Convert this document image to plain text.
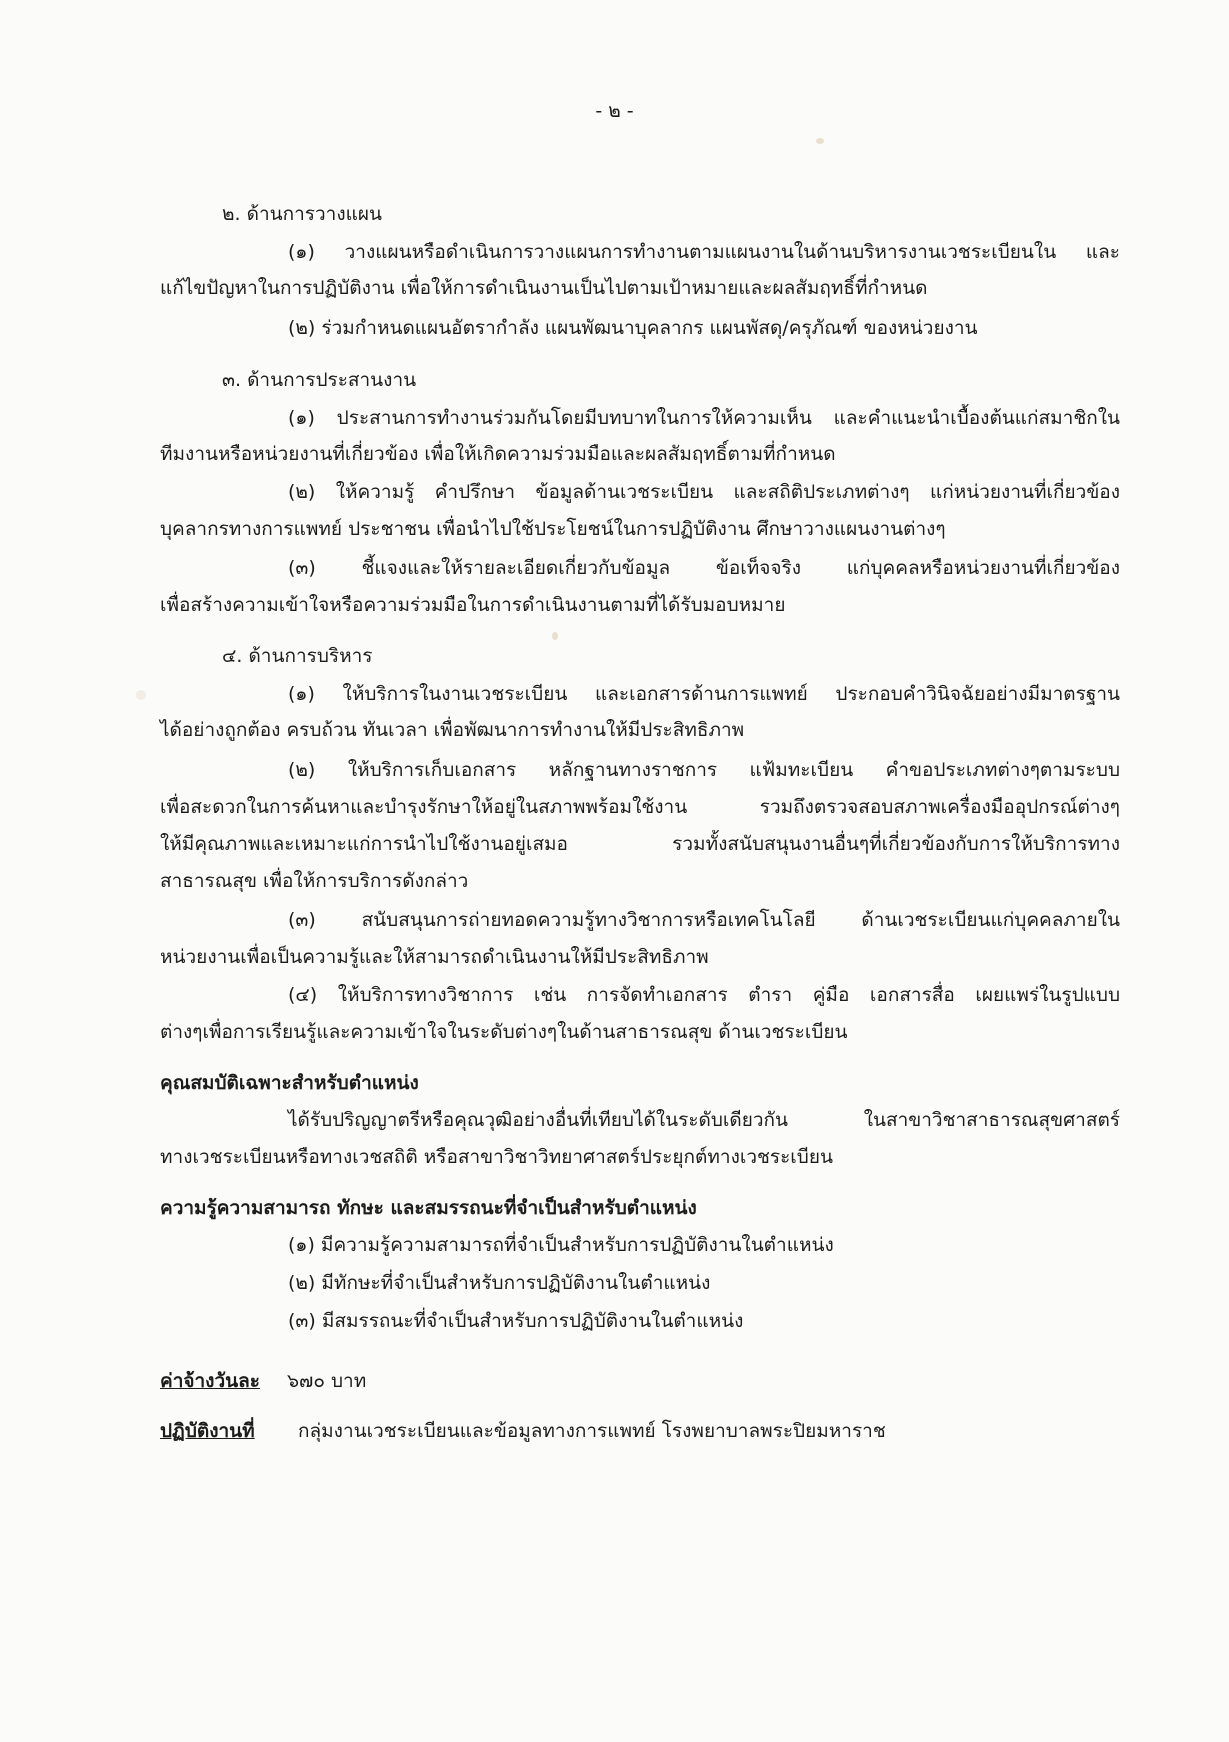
- ๒ -
๒. ด้านการวางแผน
(๑) วางแผนหรือดำเนินการวางแผนการทำงานตามแผนงานในด้านบริหารงานเวชระเบียนใน และ
แก้ไขปัญหาในการปฏิบัติงาน เพื่อให้การดำเนินงานเป็นไปตามเป้าหมายและผลสัมฤทธิ์ที่กำหนด
(๒) ร่วมกำหนดแผนอัตรากำลัง แผนพัฒนาบุคลากร แผนพัสดุ/ครุภัณฑ์ ของหน่วยงาน
๓. ด้านการประสานงาน
(๑) ประสานการทำงานร่วมกันโดยมีบทบาทในการให้ความเห็น และคำแนะนำเบื้องต้นแก่สมาชิกใน
ทีมงานหรือหน่วยงานที่เกี่ยวข้อง เพื่อให้เกิดความร่วมมือและผลสัมฤทธิ์ตามที่กำหนด
(๒) ให้ความรู้ คำปรึกษา ข้อมูลด้านเวชระเบียน และสถิติประเภทต่างๆ แก่หน่วยงานที่เกี่ยวข้อง
บุคลากรทางการแพทย์ ประชาชน เพื่อนำไปใช้ประโยชน์ในการปฏิบัติงาน ศึกษาวางแผนงานต่างๆ
(๓) ชี้แจงและให้รายละเอียดเกี่ยวกับข้อมูล ข้อเท็จจริง แก่บุคคลหรือหน่วยงานที่เกี่ยวข้อง
เพื่อสร้างความเข้าใจหรือความร่วมมือในการดำเนินงานตามที่ได้รับมอบหมาย
๔. ด้านการบริหาร
(๑) ให้บริการในงานเวชระเบียน และเอกสารด้านการแพทย์ ประกอบคำวินิจฉัยอย่างมีมาตรฐาน
ได้อย่างถูกต้อง ครบถ้วน ทันเวลา เพื่อพัฒนาการทำงานให้มีประสิทธิภาพ
(๒) ให้บริการเก็บเอกสาร หลักฐานทางราชการ แฟ้มทะเบียน คำขอประเภทต่างๆตามระบบ
เพื่อสะดวกในการค้นหาและบำรุงรักษาให้อยู่ในสภาพพร้อมใช้งาน รวมถึงตรวจสอบสภาพเครื่องมืออุปกรณ์ต่างๆ
ให้มีคุณภาพและเหมาะแก่การนำไปใช้งานอยู่เสมอ รวมทั้งสนับสนุนงานอื่นๆที่เกี่ยวข้องกับการให้บริการทาง
สาธารณสุข เพื่อให้การบริการดังกล่าว
(๓) สนับสนุนการถ่ายทอดความรู้ทางวิชาการหรือเทคโนโลยี ด้านเวชระเบียนแก่บุคคลภายใน
หน่วยงานเพื่อเป็นความรู้และให้สามารถดำเนินงานให้มีประสิทธิภาพ
(๔) ให้บริการทางวิชาการ เช่น การจัดทำเอกสาร ตำรา คู่มือ เอกสารสื่อ เผยแพร่ในรูปแบบ
ต่างๆเพื่อการเรียนรู้และความเข้าใจในระดับต่างๆในด้านสาธารณสุข ด้านเวชระเบียน
คุณสมบัติเฉพาะสำหรับตำแหน่ง
ได้รับปริญญาตรีหรือคุณวุฒิอย่างอื่นที่เทียบได้ในระดับเดียวกัน ในสาขาวิชาสาธารณสุขศาสตร์
ทางเวชระเบียนหรือทางเวชสถิติ หรือสาขาวิชาวิทยาศาสตร์ประยุกต์ทางเวชระเบียน
ความรู้ความสามารถ ทักษะ และสมรรถนะที่จำเป็นสำหรับตำแหน่ง
(๑) มีความรู้ความสามารถที่จำเป็นสำหรับการปฏิบัติงานในตำแหน่ง
(๒) มีทักษะที่จำเป็นสำหรับการปฏิบัติงานในตำแหน่ง
(๓) มีสมรรถนะที่จำเป็นสำหรับการปฏิบัติงานในตำแหน่ง
ค่าจ้างวันละ ๖๗๐ บาท
ปฏิบัติงานที่ กลุ่มงานเวชระเบียนและข้อมูลทางการแพทย์ โรงพยาบาลพระปิยมหาราช
